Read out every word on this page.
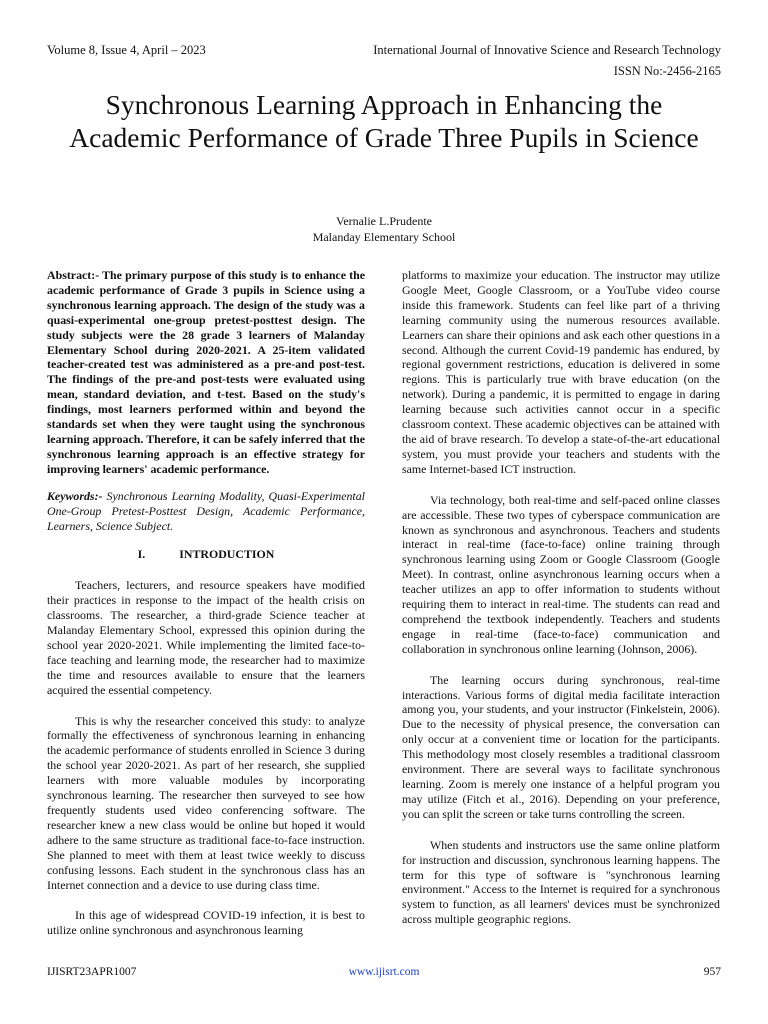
Volume 8, Issue 4, April – 2023	International Journal of Innovative Science and Research Technology
ISSN No:-2456-2165
Synchronous Learning Approach in Enhancing the Academic Performance of Grade Three Pupils in Science
Vernalie L.Prudente
Malanday Elementary School

Abstract:- The primary purpose of this study is to enhance the academic performance of Grade 3 pupils in Science using a synchronous learning approach. The design of the study was a quasi-experimental one-group pretest-posttest design. The study subjects were the 28 grade 3 learners of Malanday Elementary School during 2020-2021. A 25-item validated teacher-created test was administered as a pre-and post-test. The findings of the pre-and post-tests were evaluated using mean, standard deviation, and t-test. Based on the study's findings, most learners performed within and beyond the standards set when they were taught using the synchronous learning approach. Therefore, it can be safely inferred that the synchronous learning approach is an effective strategy for improving learners' academic performance.

Keywords:- Synchronous Learning Modality, Quasi-Experimental One-Group Pretest-Posttest Design, Academic Performance, Learners, Science Subject.

I.	INTRODUCTION

Teachers, lecturers, and resource speakers have modified their practices in response to the impact of the health crisis on classrooms. The researcher, a third-grade Science teacher at Malanday Elementary School, expressed this opinion during the school year 2020-2021. While implementing the limited face-to-face teaching and learning mode, the researcher had to maximize the time and resources available to ensure that the learners acquired the essential competency.

This is why the researcher conceived this study: to analyze formally the effectiveness of synchronous learning in enhancing the academic performance of students enrolled in Science 3 during the school year 2020-2021. As part of her research, she supplied learners with more valuable modules by incorporating synchronous learning. The researcher then surveyed to see how frequently students used video conferencing software. The researcher knew a new class would be online but hoped it would adhere to the same structure as traditional face-to-face instruction. She planned to meet with them at least twice weekly to discuss confusing lessons. Each student in the synchronous class has an Internet connection and a device to use during class time.

In this age of widespread COVID-19 infection, it is best to utilize online synchronous and asynchronous learning

platforms to maximize your education. The instructor may utilize Google Meet, Google Classroom, or a YouTube video course inside this framework. Students can feel like part of a thriving learning community using the numerous resources available. Learners can share their opinions and ask each other questions in a second. Although the current Covid-19 pandemic has endured, by regional government restrictions, education is delivered in some regions. This is particularly true with brave education (on the network). During a pandemic, it is permitted to engage in daring learning because such activities cannot occur in a specific classroom context. These academic objectives can be attained with the aid of brave research. To develop a state-of-the-art educational system, you must provide your teachers and students with the same Internet-based ICT instruction.

Via technology, both real-time and self-paced online classes are accessible. These two types of cyberspace communication are known as synchronous and asynchronous. Teachers and students interact in real-time (face-to-face) online training through synchronous learning using Zoom or Google Classroom (Google Meet). In contrast, online asynchronous learning occurs when a teacher utilizes an app to offer information to students without requiring them to interact in real-time. The students can read and comprehend the textbook independently. Teachers and students engage in real-time (face-to-face) communication and collaboration in synchronous online learning (Johnson, 2006).

The learning occurs during synchronous, real-time interactions. Various forms of digital media facilitate interaction among you, your students, and your instructor (Finkelstein, 2006). Due to the necessity of physical presence, the conversation can only occur at a convenient time or location for the participants. This methodology most closely resembles a traditional classroom environment. There are several ways to facilitate synchronous learning. Zoom is merely one instance of a helpful program you may utilize (Fitch et al., 2016). Depending on your preference, you can split the screen or take turns controlling the screen.

When students and instructors use the same online platform for instruction and discussion, synchronous learning happens. The term for this type of software is "synchronous learning environment." Access to the Internet is required for a synchronous system to function, as all learners' devices must be synchronized across multiple geographic regions.

IJISRT23APR1007	www.ijisrt.com	957
